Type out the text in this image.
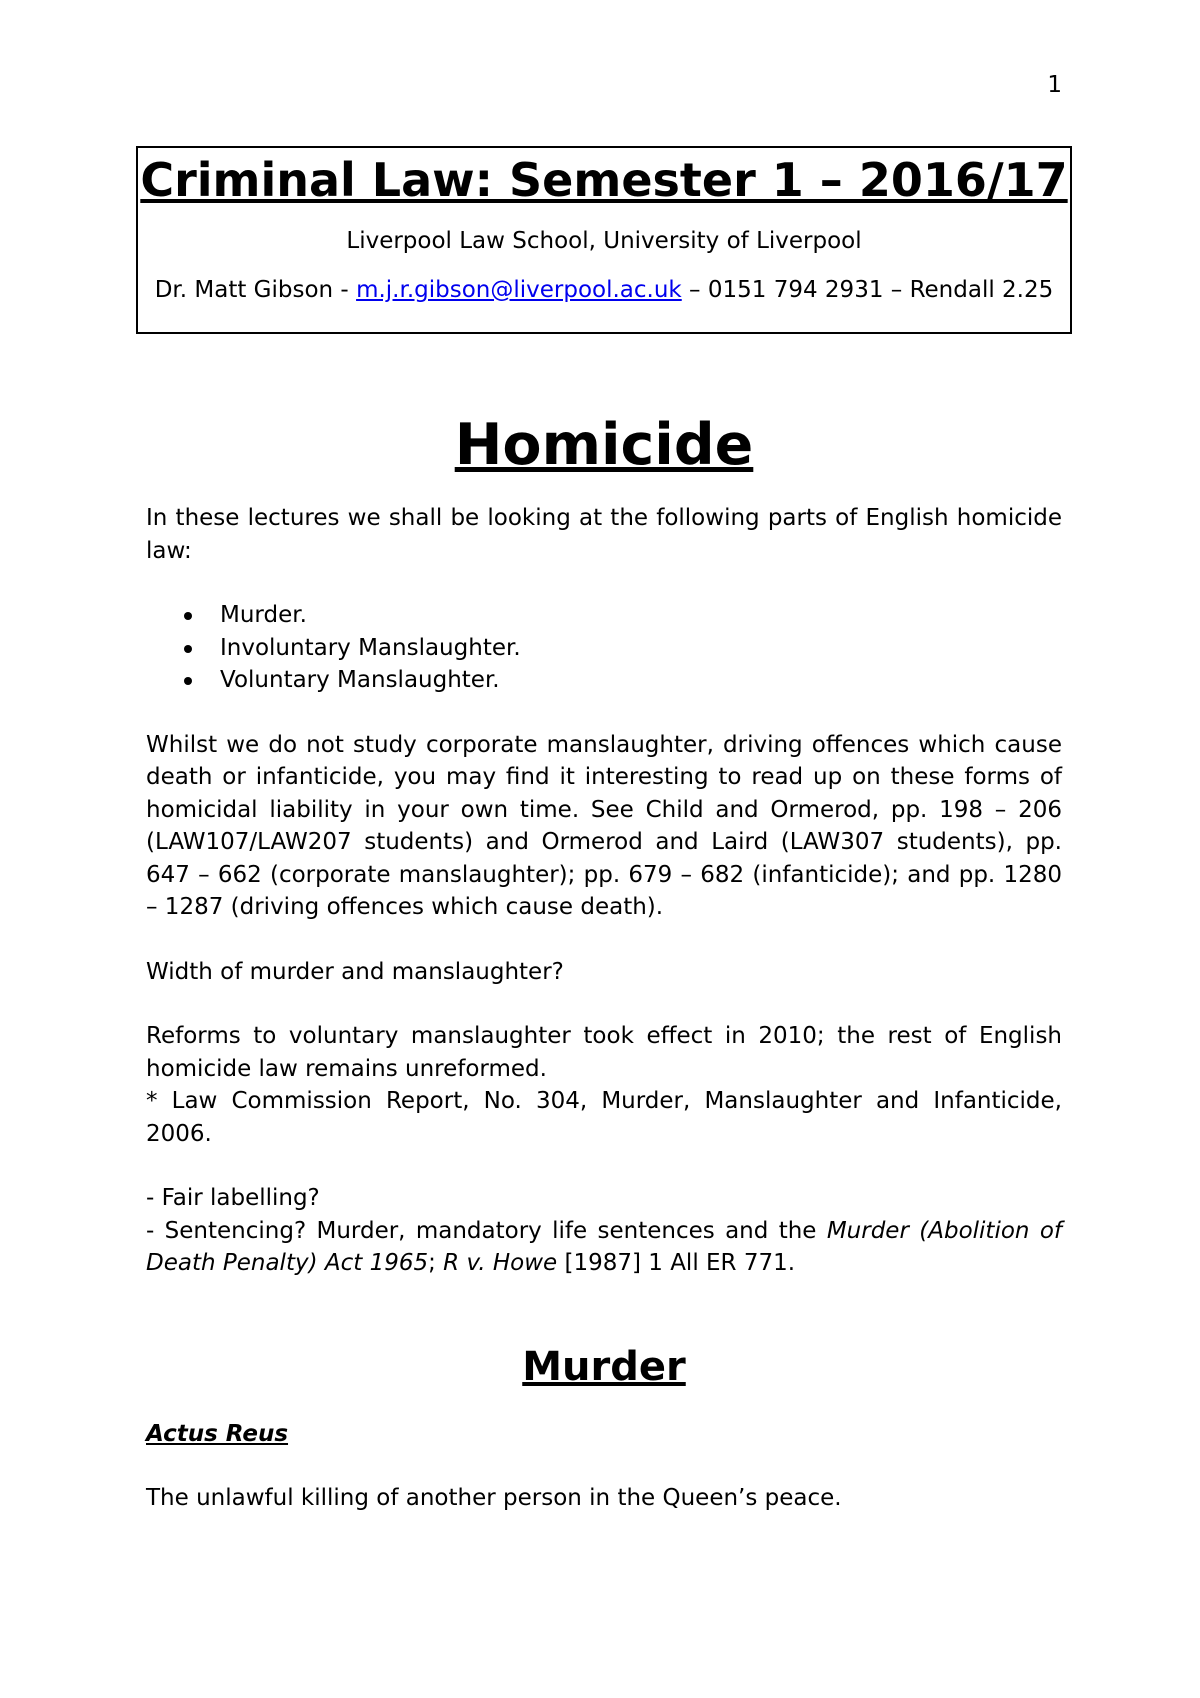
1
Criminal Law: Semester 1 – 2016/17

Liverpool Law School, University of Liverpool

Dr. Matt Gibson - m.j.r.gibson@liverpool.ac.uk – 0151 794 2931 – Rendall 2.25

Homicide

In these lectures we shall be looking at the following parts of English homicide law:

Murder.
Involuntary Manslaughter.
Voluntary Manslaughter.

Whilst we do not study corporate manslaughter, driving offences which cause death or infanticide, you may find it interesting to read up on these forms of homicidal liability in your own time. See Child and Ormerod, pp. 198 – 206 (LAW107/LAW207 students) and Ormerod and Laird (LAW307 students), pp. 647 – 662 (corporate manslaughter); pp. 679 – 682 (infanticide); and pp. 1280 – 1287 (driving offences which cause death).

Width of murder and manslaughter?

Reforms to voluntary manslaughter took effect in 2010; the rest of English homicide law remains unreformed.

* Law Commission Report, No. 304, Murder, Manslaughter and Infanticide, 2006.

- Fair labelling?

- Sentencing? Murder, mandatory life sentences and the Murder (Abolition of Death Penalty) Act 1965; R v. Howe [1987] 1 All ER 771.

Murder

Actus Reus

The unlawful killing of another person in the Queen’s peace.
